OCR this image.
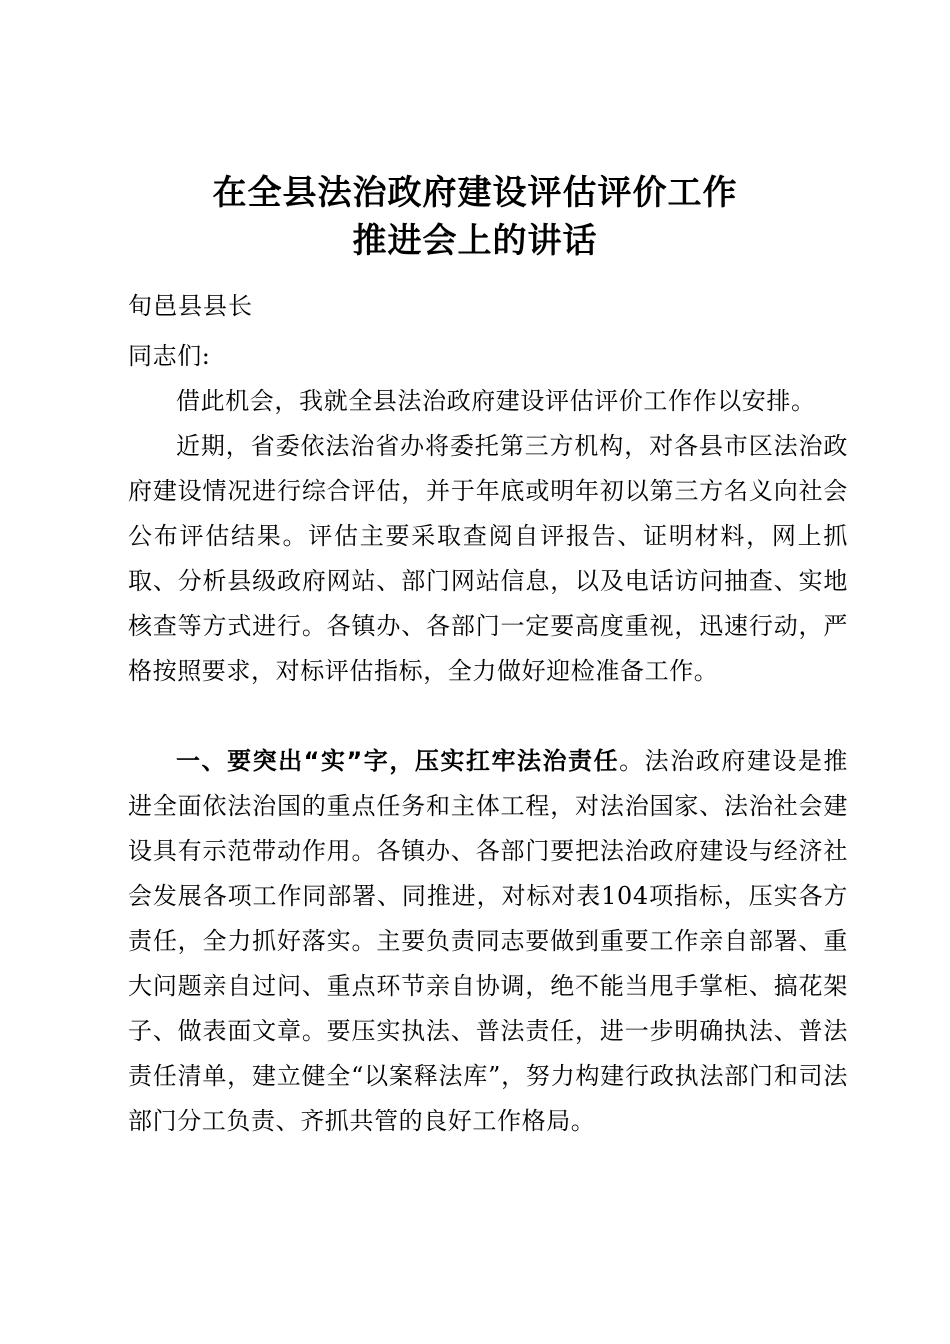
在全县法治政府建设评估评价工作
推进会上的讲话
旬邑县县长

同志们:

借此机会，我就全县法治政府建设评估评价工作作以安排。

近期，省委依法治省办将委托第三方机构，对各县市区法治政府建设情况进行综合评估，并于年底或明年初以第三方名义向社会公布评估结果。评估主要采取查阅自评报告、证明材料，网上抓取、分析县级政府网站、部门网站信息，以及电话访问抽查、实地核查等方式进行。各镇办、各部门一定要高度重视，迅速行动，严格按照要求，对标评估指标，全力做好迎检准备工作。

一、要突出“实”字，压实扛牢法治责任。法治政府建设是推进全面依法治国的重点任务和主体工程，对法治国家、法治社会建设具有示范带动作用。各镇办、各部门要把法治政府建设与经济社会发展各项工作同部署、同推进，对标对表104项指标，压实各方责任，全力抓好落实。主要负责同志要做到重要工作亲自部署、重大问题亲自过问、重点环节亲自协调，绝不能当甩手掌柜、搞花架子、做表面文章。要压实执法、普法责任，进一步明确执法、普法责任清单，建立健全“以案释法库”，努力构建行政执法部门和司法部门分工负责、齐抓共管的良好工作格局。
